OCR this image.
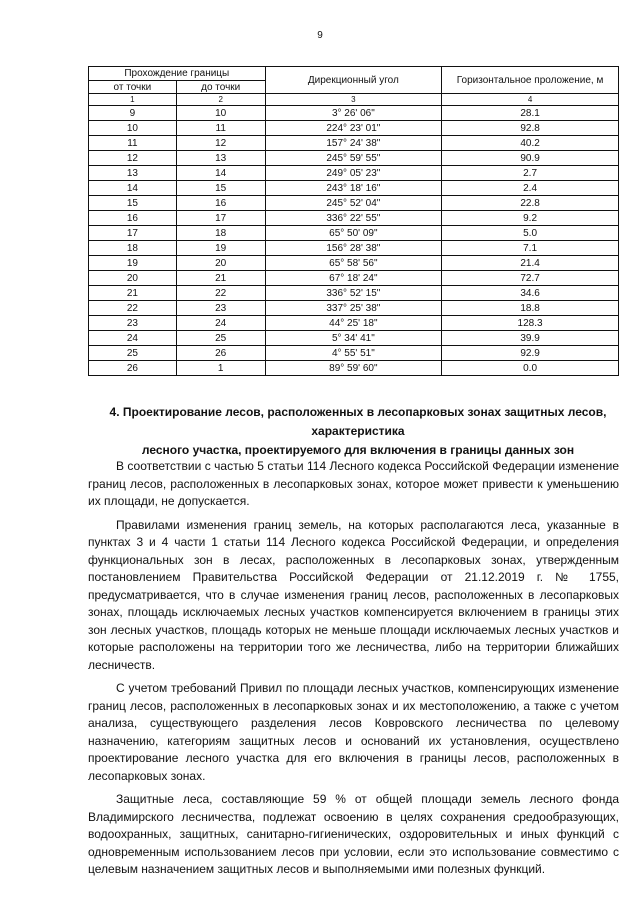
9
Прохождение границы		Дирекционный угол	Горизонтальное проложение, м
от точки	до точки		
1	2	3	4
9	10	3° 26' 06"	28.1
10	11	224° 23' 01"	92.8
11	12	157° 24' 38"	40.2
12	13	245° 59' 55"	90.9
13	14	249° 05' 23"	2.7
14	15	243° 18' 16"	2.4
15	16	245° 52' 04"	22.8
16	17	336° 22' 55"	9.2
17	18	65° 50' 09"	5.0
18	19	156° 28' 38"	7.1
19	20	65° 58' 56"	21.4
20	21	67° 18' 24"	72.7
21	22	336° 52' 15"	34.6
22	23	337° 25' 38"	18.8
23	24	44° 25' 18"	128.3
24	25	5° 34' 41"	39.9
25	26	4° 55' 51"	92.9
26	1	89° 59' 60"	0.0
4. Проектирование лесов, расположенных в лесопарковых зонах защитных лесов, характеристика
лесного участка, проектируемого для включения в границы данных зон

В соответствии с частью 5 статьи 114 Лесного кодекса Российской Федерации изменение границ лесов, расположенных в лесопарковых зонах, которое может привести к уменьшению их площади, не допускается.

Правилами изменения границ земель, на которых располагаются леса, указанные в пунктах 3 и 4 части 1 статьи 114 Лесного кодекса Российской Федерации, и определения функциональных зон в лесах, расположенных в лесопарковых зонах, утвержденным постановлением Правительства Российской Федерации от 21.12.2019 г. № 1755, предусматривается, что в случае изменения границ лесов, расположенных в лесопарковых зонах, площадь исключаемых лесных участков компенсируется включением в границы этих зон лесных участков, площадь которых не меньше площади исключаемых лесных участков и которые расположены на территории того же лесничества, либо на территории ближайших лесничеств.

С учетом требований Привил по площади лесных участков, компенсирующих изменение границ лесов, расположенных в лесопарковых зонах и их местоположению, а также с учетом анализа, существующего разделения лесов Ковровского лесничества по целевому назначению, категориям защитных лесов и оснований их установления, осуществлено проектирование лесного участка для его включения в границы лесов, расположенных в лесопарковых зонах.

Защитные леса, составляющие 59 % от общей площади земель лесного фонда Владимирского лесничества, подлежат освоению в целях сохранения средообразующих, водоохранных, защитных, санитарно-гигиенических, оздоровительных и иных функций с одновременным использованием лесов при условии, если это использование совместимо с целевым назначением защитных лесов и выполняемыми ими полезных функций.
